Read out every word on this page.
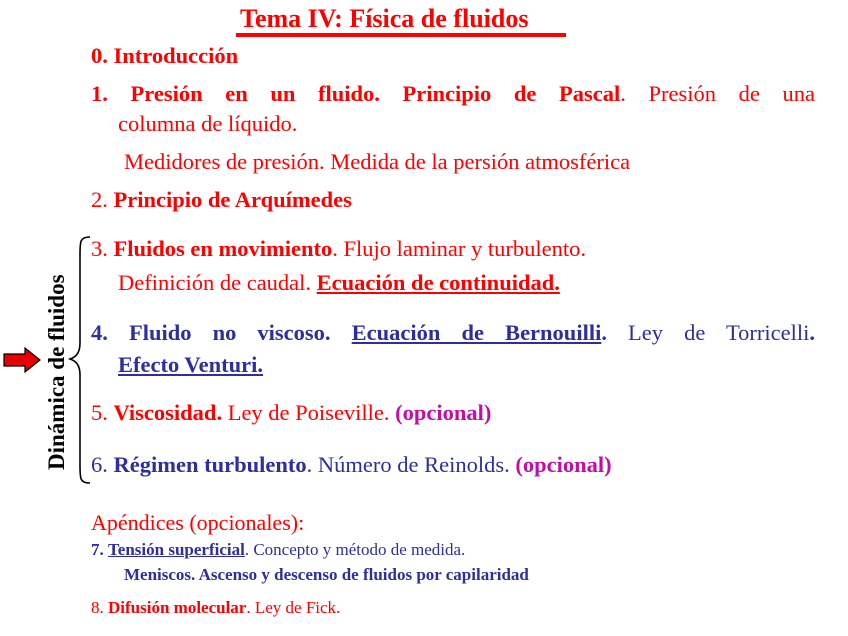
Tema IV: Física de fluidos
0. Introducción
1. Presión en un fluido. Principio de Pascal. Presión de una
columna de líquido.
Medidores de presión. Medida de la persión atmosférica
2. Principio de Arquímedes
3. Fluidos en movimiento. Flujo laminar y turbulento.
Definición de caudal. Ecuación de continuidad.
4. Fluido no viscoso. Ecuación de Bernouilli. Ley de Torricelli.
Efecto Venturi.
5. Viscosidad. Ley de Poiseville. (opcional)
6. Régimen turbulento. Número de Reinolds. (opcional)
Apéndices (opcionales):
7. Tensión superficial. Concepto y método de medida.
Meniscos. Ascenso y descenso de fluidos por capilaridad
8. Difusión molecular. Ley de Fick.
Dinámica de fluidos
